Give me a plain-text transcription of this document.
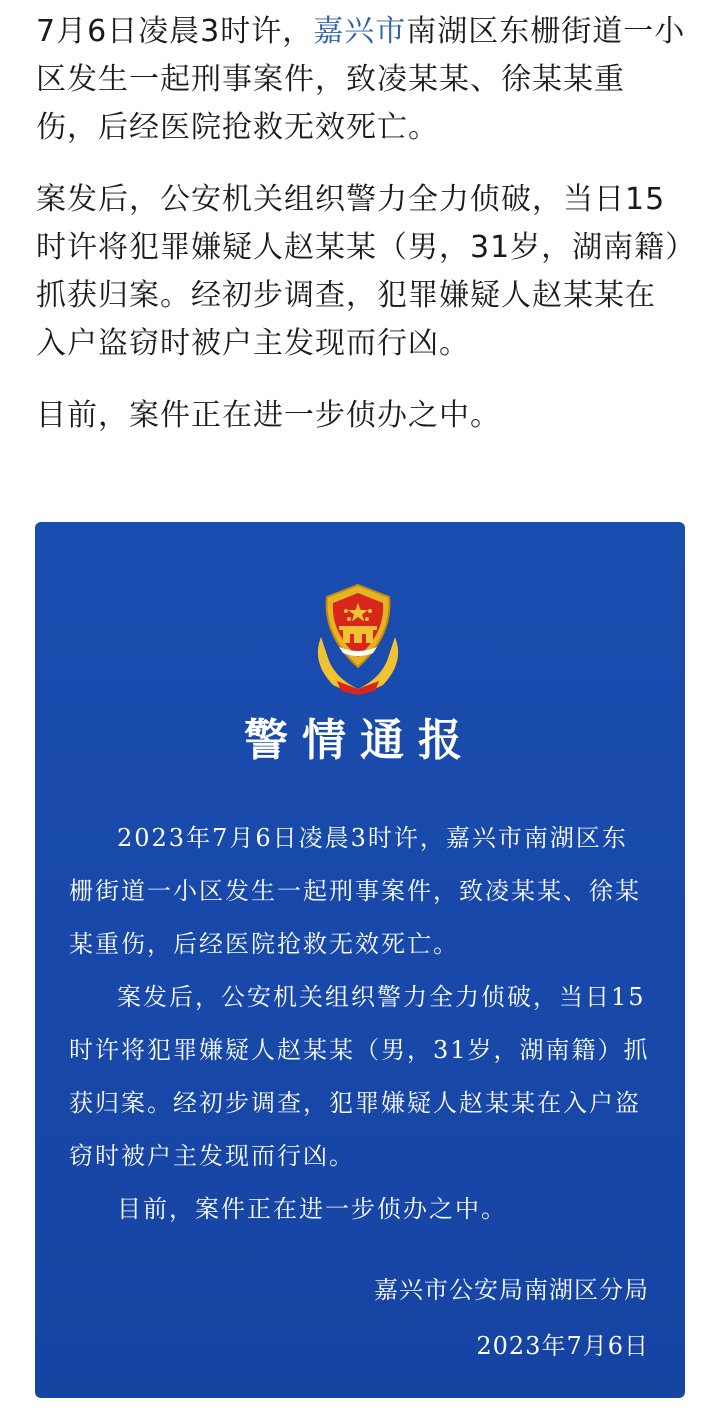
7月6日凌晨3时许，嘉兴市南湖区东栅街道一小区发生一起刑事案件，致凌某某、徐某某重伤，后经医院抢救无效死亡。

案发后，公安机关组织警力全力侦破，当日15时许将犯罪嫌疑人赵某某（男，31岁，湖南籍）抓获归案。经初步调查，犯罪嫌疑人赵某某在入户盗窃时被户主发现而行凶。

目前，案件正在进一步侦办之中。

警情通报

2023年7月6日凌晨3时许，嘉兴市南湖区东栅街道一小区发生一起刑事案件，致凌某某、徐某某重伤，后经医院抢救无效死亡。

案发后，公安机关组织警力全力侦破，当日15时许将犯罪嫌疑人赵某某（男，31岁，湖南籍）抓获归案。经初步调查，犯罪嫌疑人赵某某在入户盗窃时被户主发现而行凶。

目前，案件正在进一步侦办之中。

嘉兴市公安局南湖区分局
2023年7月6日
